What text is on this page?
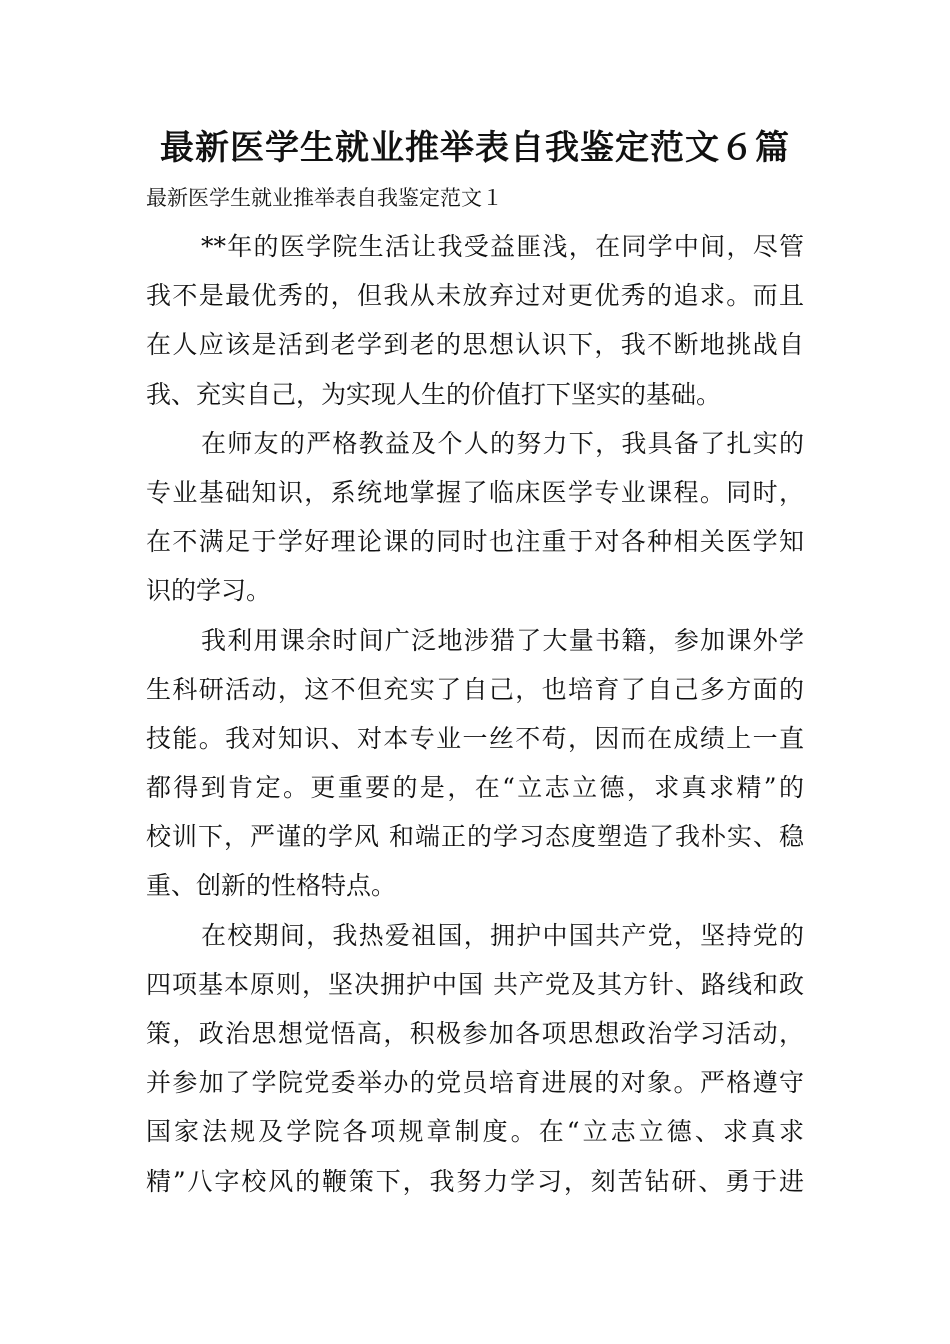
最新医学生就业推举表自我鉴定范文６篇
最新医学生就业推举表自我鉴定范文１
**年的医学院生活让我受益匪浅，在同学中间，尽管
我不是最优秀的，但我从未放弃过对更优秀的追求。而且
在人应该是活到老学到老的思想认识下，我不断地挑战自
我、充实自己，为实现人生的价值打下坚实的基础。
在师友的严格教益及个人的努力下，我具备了扎实的
专业基础知识，系统地掌握了临床医学专业课程。同时，
在不满足于学好理论课的同时也注重于对各种相关医学知
识的学习。
我利用课余时间广泛地涉猎了大量书籍，参加课外学
生科研活动，这不但充实了自己，也培育了自己多方面的
技能。我对知识、对本专业一丝不苟，因而在成绩上一直
都得到肯定。更重要的是，在“立志立德，求真求精”的
校训下，严谨的学风 和端正的学习态度塑造了我朴实、稳
重、创新的性格特点。
在校期间，我热爱祖国，拥护中国共产党，坚持党的
四项基本原则，坚决拥护中国 共产党及其方针、路线和政
策，政治思想觉悟高，积极参加各项思想政治学习活动，
并参加了学院党委举办的党员培育进展的对象。严格遵守
国家法规及学院各项规章制度。在“立志立德、求真求
精”八字校风的鞭策下，我努力学习，刻苦钻研、勇于进
